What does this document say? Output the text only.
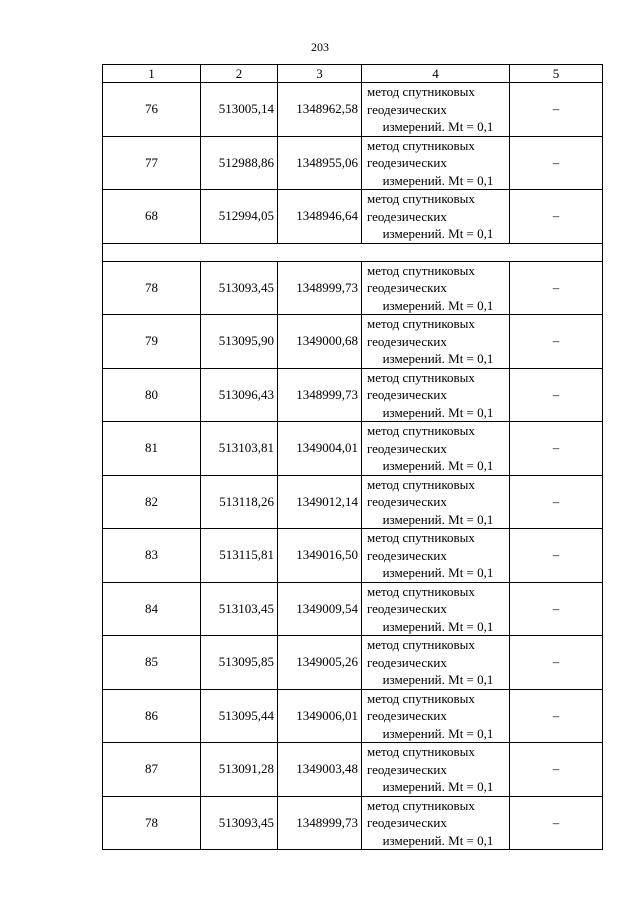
203
1	2	3	4	5
76	513005,14	1348962,58	метод спутниковых
геодезических
измерений. Mt = 0,1	–
77	512988,86	1348955,06	метод спутниковых
геодезических
измерений. Mt = 0,1	–
68	512994,05	1348946,64	метод спутниковых
геодезических
измерений. Mt = 0,1	–

78	513093,45	1348999,73	метод спутниковых
геодезических
измерений. Mt = 0,1	–
79	513095,90	1349000,68	метод спутниковых
геодезических
измерений. Mt = 0,1	–
80	513096,43	1348999,73	метод спутниковых
геодезических
измерений. Mt = 0,1	–
81	513103,81	1349004,01	метод спутниковых
геодезических
измерений. Mt = 0,1	–
82	513118,26	1349012,14	метод спутниковых
геодезических
измерений. Mt = 0,1	–
83	513115,81	1349016,50	метод спутниковых
геодезических
измерений. Mt = 0,1	–
84	513103,45	1349009,54	метод спутниковых
геодезических
измерений. Mt = 0,1	–
85	513095,85	1349005,26	метод спутниковых
геодезических
измерений. Mt = 0,1	–
86	513095,44	1349006,01	метод спутниковых
геодезических
измерений. Mt = 0,1	–
87	513091,28	1349003,48	метод спутниковых
геодезических
измерений. Mt = 0,1	–
78	513093,45	1348999,73	метод спутниковых
геодезических
измерений. Mt = 0,1	–
